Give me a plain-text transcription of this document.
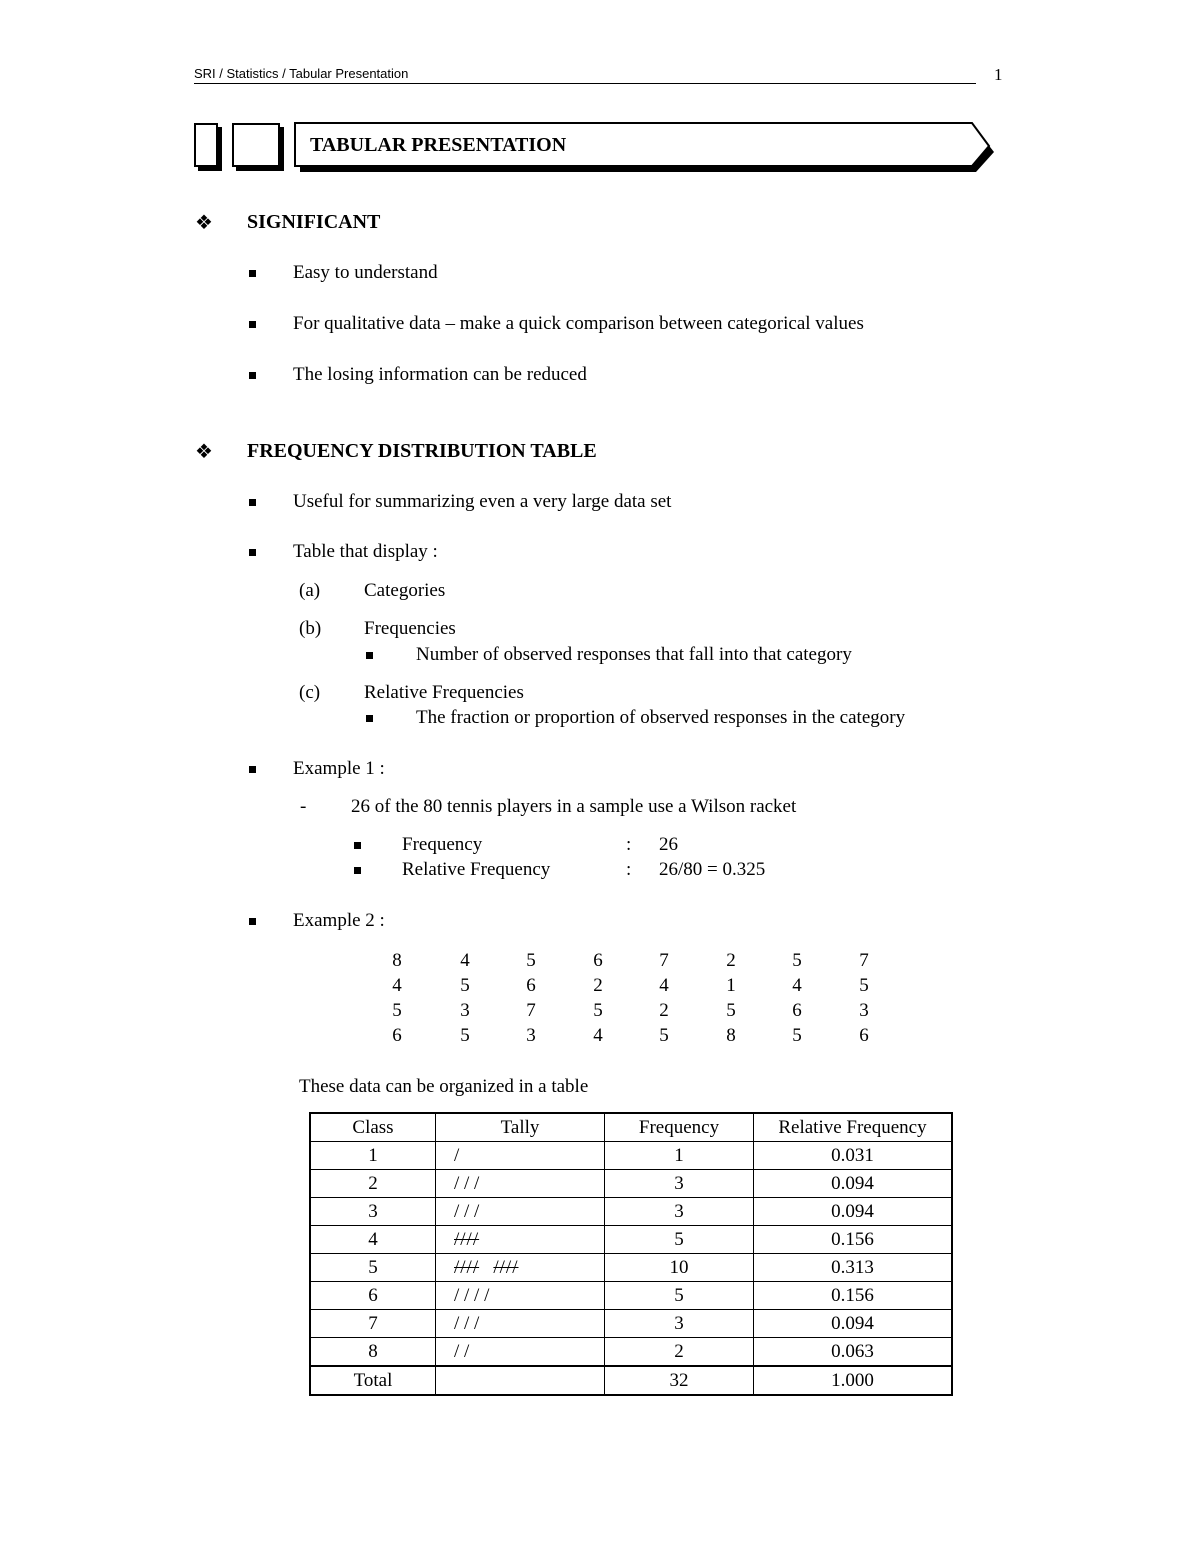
SRI / Statistics / Tabular Presentation	1
TABULAR PRESENTATION
❖ SIGNIFICANT
Easy to understand
For qualitative data – make a quick comparison between categorical values
The losing information can be reduced
❖ FREQUENCY DISTRIBUTION TABLE
Useful for summarizing even a very large data set
Table that display :
(a) Categories
(b) Frequencies
Number of observed responses that fall into that category
(c) Relative Frequencies
The fraction or proportion of observed responses in the category
Example 1 :
- 26 of the 80 tennis players in a sample use a Wilson racket
Frequency	: 26
Relative Frequency	: 26/80 = 0.325
Example 2 :
8	4	5	6	7	2	5	7
4	5	6	2	4	1	4	5
5	3	7	5	2	5	6	3
6	5	3	4	5	8	5	6
These data can be organized in a table
Class	Tally	Frequency	Relative Frequency
1	/	1	0.031
2	/ / /	3	0.094
3	/ / /	3	0.094
4	////	5	0.156
5	//// ////	10	0.313
6	/ / / /	5	0.156
7	/ / /	3	0.094
8	/ /	2	0.063
Total		32	1.000
